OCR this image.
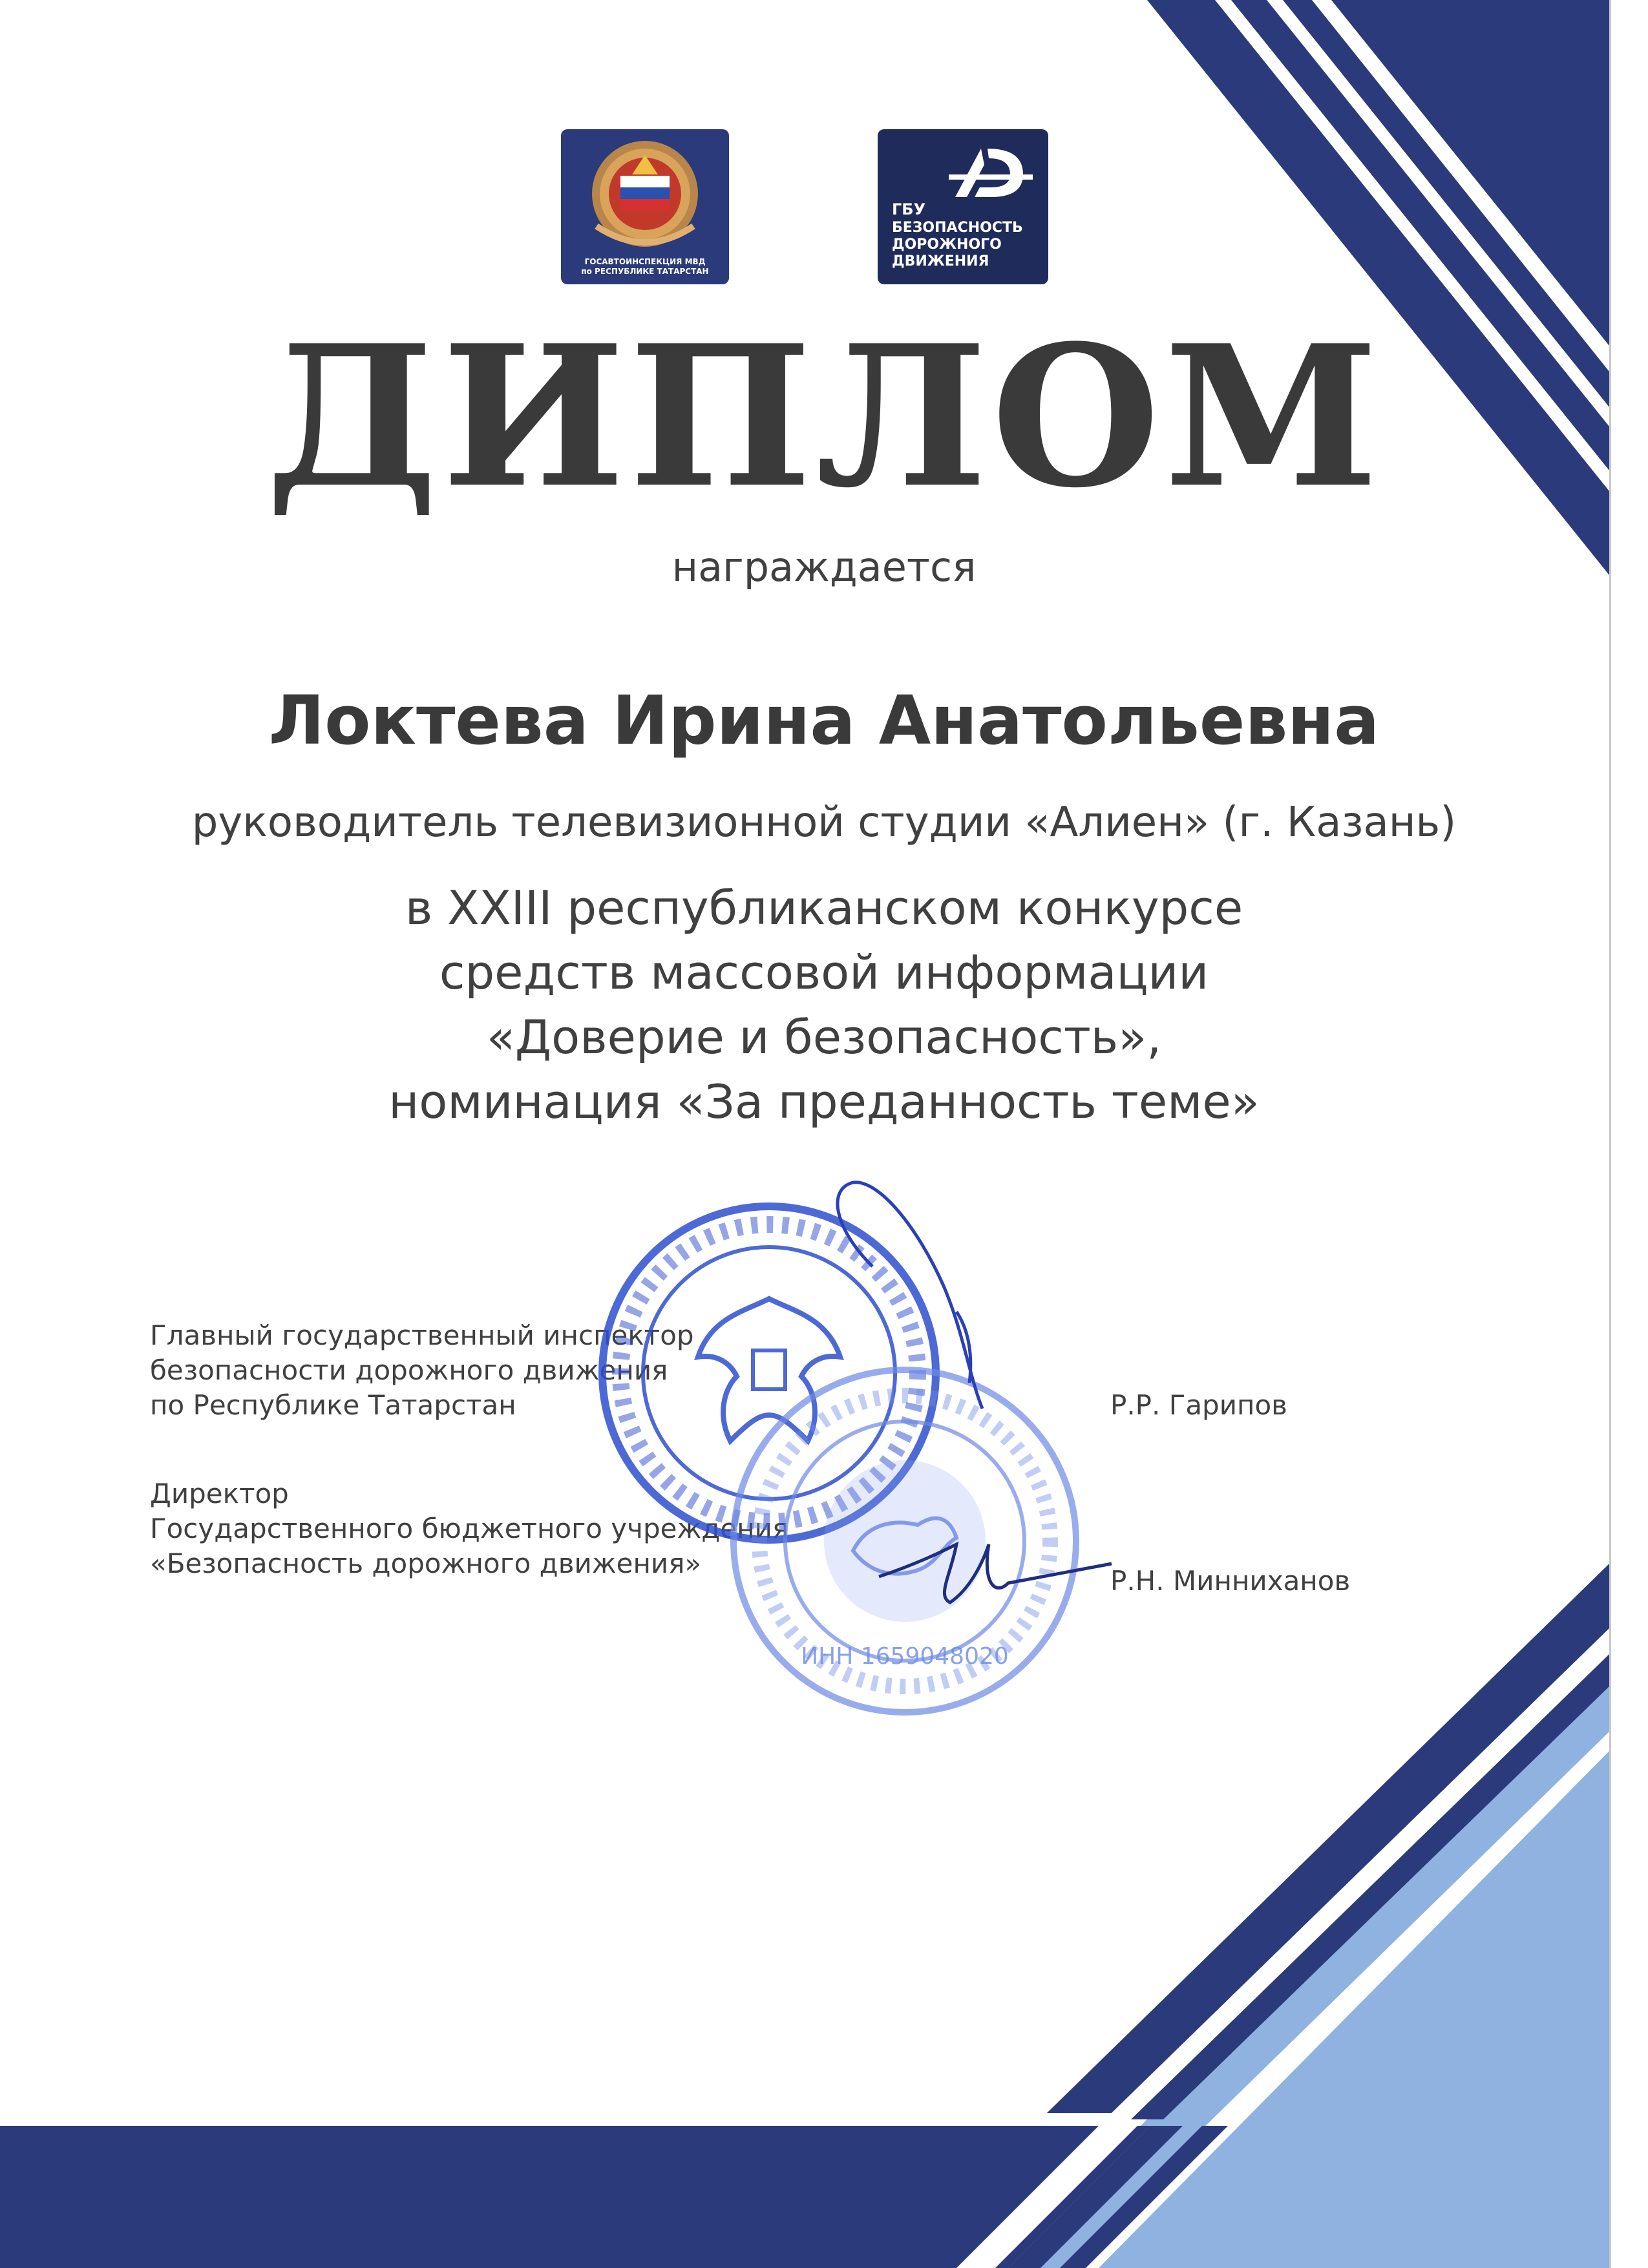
ГОСАВТОИНСПЕКЦИЯ МВД
по РЕСПУБЛИКЕ ТАТАРСТАН
ГБУ
БЕЗОПАСНОСТЬ
ДОРОЖНОГО
ДВИЖЕНИЯ
ДИПЛОМ
награждается
Локтева Ирина Анатольевна
руководитель телевизионной студии «Алиен» (г. Казань)
в XXIII республиканском конкурсе
средств массовой информации
«Доверие и безопасность»,
номинация «За преданность теме»
Главный государственный инспектор
безопасности дорожного движения
по Республике Татарстан	Р.Р. Гарипов
Директор
Государственного бюджетного учреждения
«Безопасность дорожного движения»
Р.Н. Минниханов
ИНН 1659048020
